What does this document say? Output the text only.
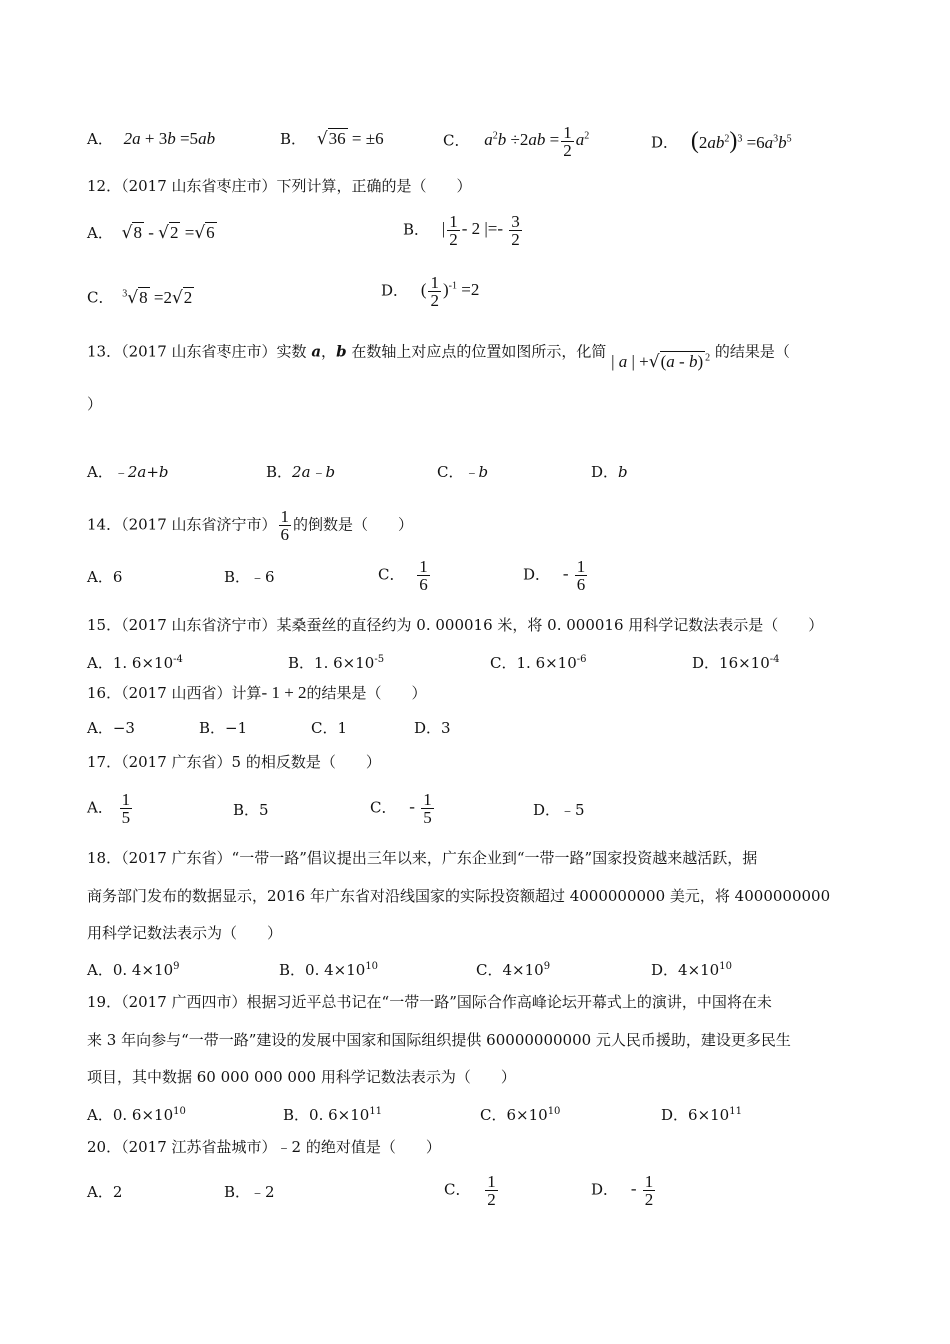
A． 2a + 3b =5ab	B． √36 = ±6	C． $a^2b \div 2ab = \frac{1}{2} a^2$	D． $(2ab^2)^3 =6a^3b^5$
12．（2017 山东省枣庄市）下列计算，正确的是（　　）
A． √8 - √2 =√6	B． | $\frac{1}{2} - 2$ |=- $\frac{3}{2}$
C． $^3$√8 =2√2	D． ( $\frac{1}{2} )^{-1} =2$
13．（2017 山东省枣庄市）实数 a，b 在数轴上对应点的位置如图所示，化简 | a | +√(a - b) $^2$ 的结果是（
）
A．﹣2a+b	B．2a﹣b	C．﹣b	D．b
14．（2017 山东省济宁市） $\frac{1}{6}$ 的倒数是（　　）
A．6	B．﹣6	C． $\frac{1}{6}$	D． - $\frac{1}{6}$
15．（2017 山东省济宁市）某桑蚕丝的直径约为 0. 000016 米，将 0. 000016 用科学记数法表示是（　　）
A．1. $6\times 10^{-4}$	B．1. $6\times 10^{-5}$	C．1. $6\times 10^{-6}$	D．$16\times 10^{-4}$
16．（2017 山西省）计算- 1 + 2的结果是（　　）
A．−3	B．−1	C．1	D．3
17．（2017 广东省）5 的相反数是（　　）
A． $\frac{1}{5}$	B．5	C． - $\frac{1}{5}$	D．﹣5
18．（2017 广东省）“一带一路”倡议提出三年以来，广东企业到“一带一路”国家投资越来越活跃，据
商务部门发布的数据显示，2016 年广东省对沿线国家的实际投资额超过 4000000000 美元，将 4000000000
用科学记数法表示为（　　）
A．0. $4\times 10^9$	B．0. $4\times 10^{10}$	C．$4\times 10^9$	D．$4\times 10^{10}$
19．（2017 广西四市）根据习近平总书记在“一带一路”国际合作高峰论坛开幕式上的演讲，中国将在未
来 3 年向参与“一带一路”建设的发展中国家和国际组织提供 60000000000 元人民币援助，建设更多民生
项目，其中数据 60 000 000 000 用科学记数法表示为（　　）
A．0. $6\times 10^{10}$	B．0. $6\times 10^{11}$	C．$6\times 10^{10}$	D．$6\times 10^{11}$
20．（2017 江苏省盐城市）﹣2 的绝对值是（　　）
A．2	B．﹣2	C． $\frac{1}{2}$	D． - $\frac{1}{2}$
